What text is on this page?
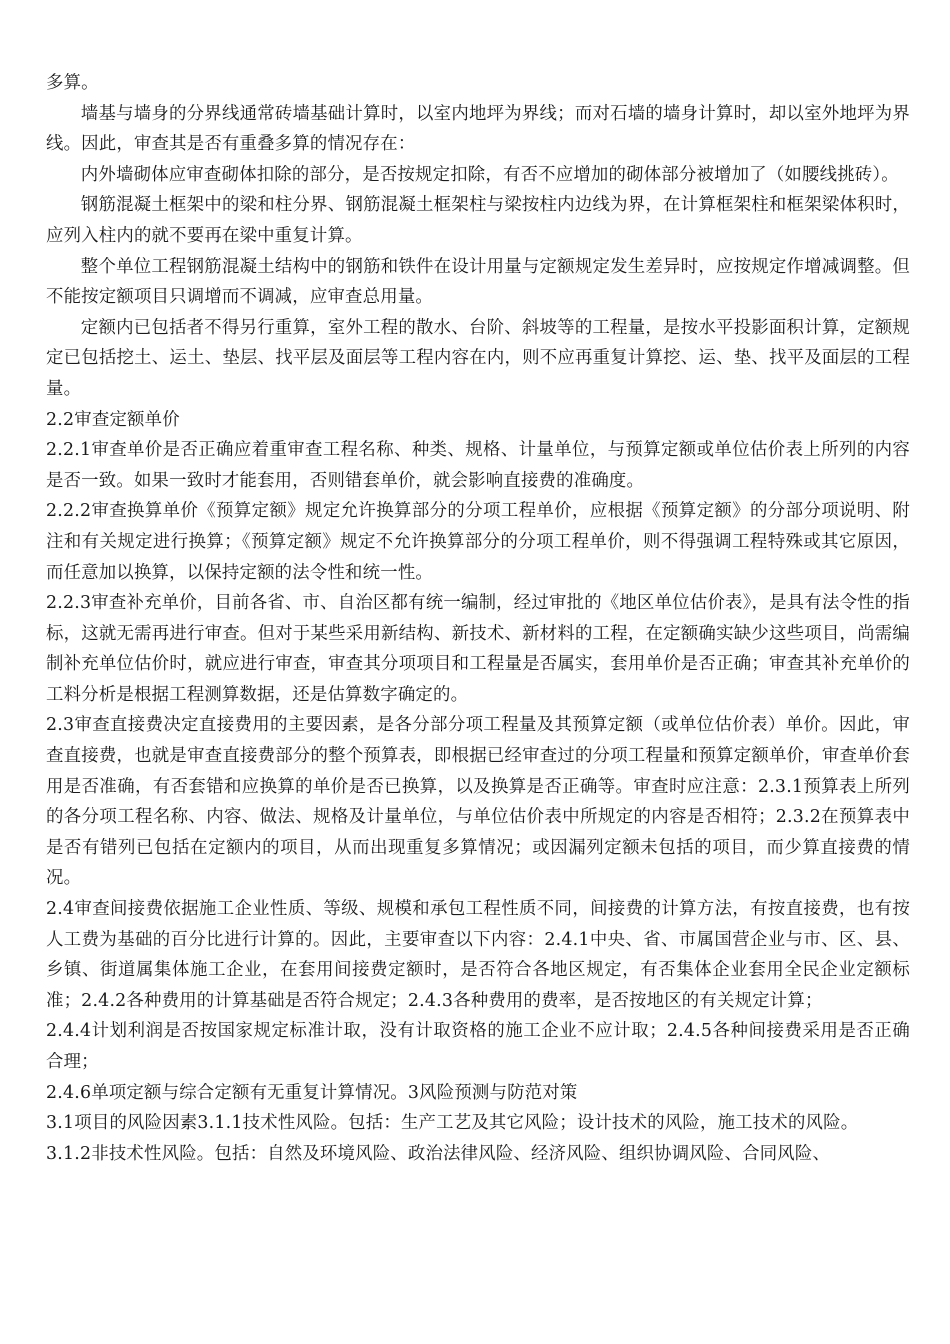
多算。

墙基与墙身的分界线通常砖墙基础计算时，以室内地坪为界线；而对石墙的墙身计算时，却以室外地坪为界线。因此，审查其是否有重叠多算的情况存在：

内外墙砌体应审查砌体扣除的部分，是否按规定扣除，有否不应增加的砌体部分被增加了（如腰线挑砖）。

钢筋混凝土框架中的梁和柱分界、钢筋混凝土框架柱与梁按柱内边线为界，在计算框架柱和框架梁体积时，应列入柱内的就不要再在梁中重复计算。

整个单位工程钢筋混凝土结构中的钢筋和铁件在设计用量与定额规定发生差异时，应按规定作增减调整。但不能按定额项目只调增而不调减，应审查总用量。

定额内已包括者不得另行重算，室外工程的散水、台阶、斜坡等的工程量，是按水平投影面积计算，定额规定已包括挖土、运土、垫层、找平层及面层等工程内容在内，则不应再重复计算挖、运、垫、找平及面层的工程量。

2.2审查定额单价

2.2.1审查单价是否正确应着重审查工程名称、种类、规格、计量单位，与预算定额或单位估价表上所列的内容是否一致。如果一致时才能套用，否则错套单价，就会影响直接费的准确度。

2.2.2审查换算单价《预算定额》规定允许换算部分的分项工程单价，应根据《预算定额》的分部分项说明、附注和有关规定进行换算；《预算定额》规定不允许换算部分的分项工程单价，则不得强调工程特殊或其它原因，而任意加以换算，以保持定额的法令性和统一性。

2.2.3审查补充单价，目前各省、市、自治区都有统一编制，经过审批的《地区单位估价表》，是具有法令性的指标，这就无需再进行审查。但对于某些采用新结构、新技术、新材料的工程，在定额确实缺少这些项目，尚需编制补充单位估价时，就应进行审查，审查其分项项目和工程量是否属实，套用单价是否正确；审查其补充单价的工料分析是根据工程测算数据，还是估算数字确定的。

2.3审查直接费决定直接费用的主要因素，是各分部分项工程量及其预算定额（或单位估价表）单价。因此，审查直接费，也就是审查直接费部分的整个预算表，即根据已经审查过的分项工程量和预算定额单价，审查单价套用是否准确，有否套错和应换算的单价是否已换算，以及换算是否正确等。审查时应注意：2.3.1预算表上所列的各分项工程名称、内容、做法、规格及计量单位，与单位估价表中所规定的内容是否相符；2.3.2在预算表中是否有错列已包括在定额内的项目，从而出现重复多算情况；或因漏列定额未包括的项目，而少算直接费的情况。

2.4审查间接费依据施工企业性质、等级、规模和承包工程性质不同，间接费的计算方法，有按直接费，也有按人工费为基础的百分比进行计算的。因此，主要审查以下内容：2.4.1中央、省、市属国营企业与市、区、县、乡镇、街道属集体施工企业，在套用间接费定额时，是否符合各地区规定，有否集体企业套用全民企业定额标准；2.4.2各种费用的计算基础是否符合规定；2.4.3各种费用的费率，是否按地区的有关规定计算；

2.4.4计划利润是否按国家规定标准计取，没有计取资格的施工企业不应计取；2.4.5各种间接费采用是否正确合理；

2.4.6单项定额与综合定额有无重复计算情况。3风险预测与防范对策

3.1项目的风险因素3.1.1技术性风险。包括：生产工艺及其它风险；设计技术的风险，施工技术的风险。

3.1.2非技术性风险。包括：自然及环境风险、政治法律风险、经济风险、组织协调风险、合同风险、
